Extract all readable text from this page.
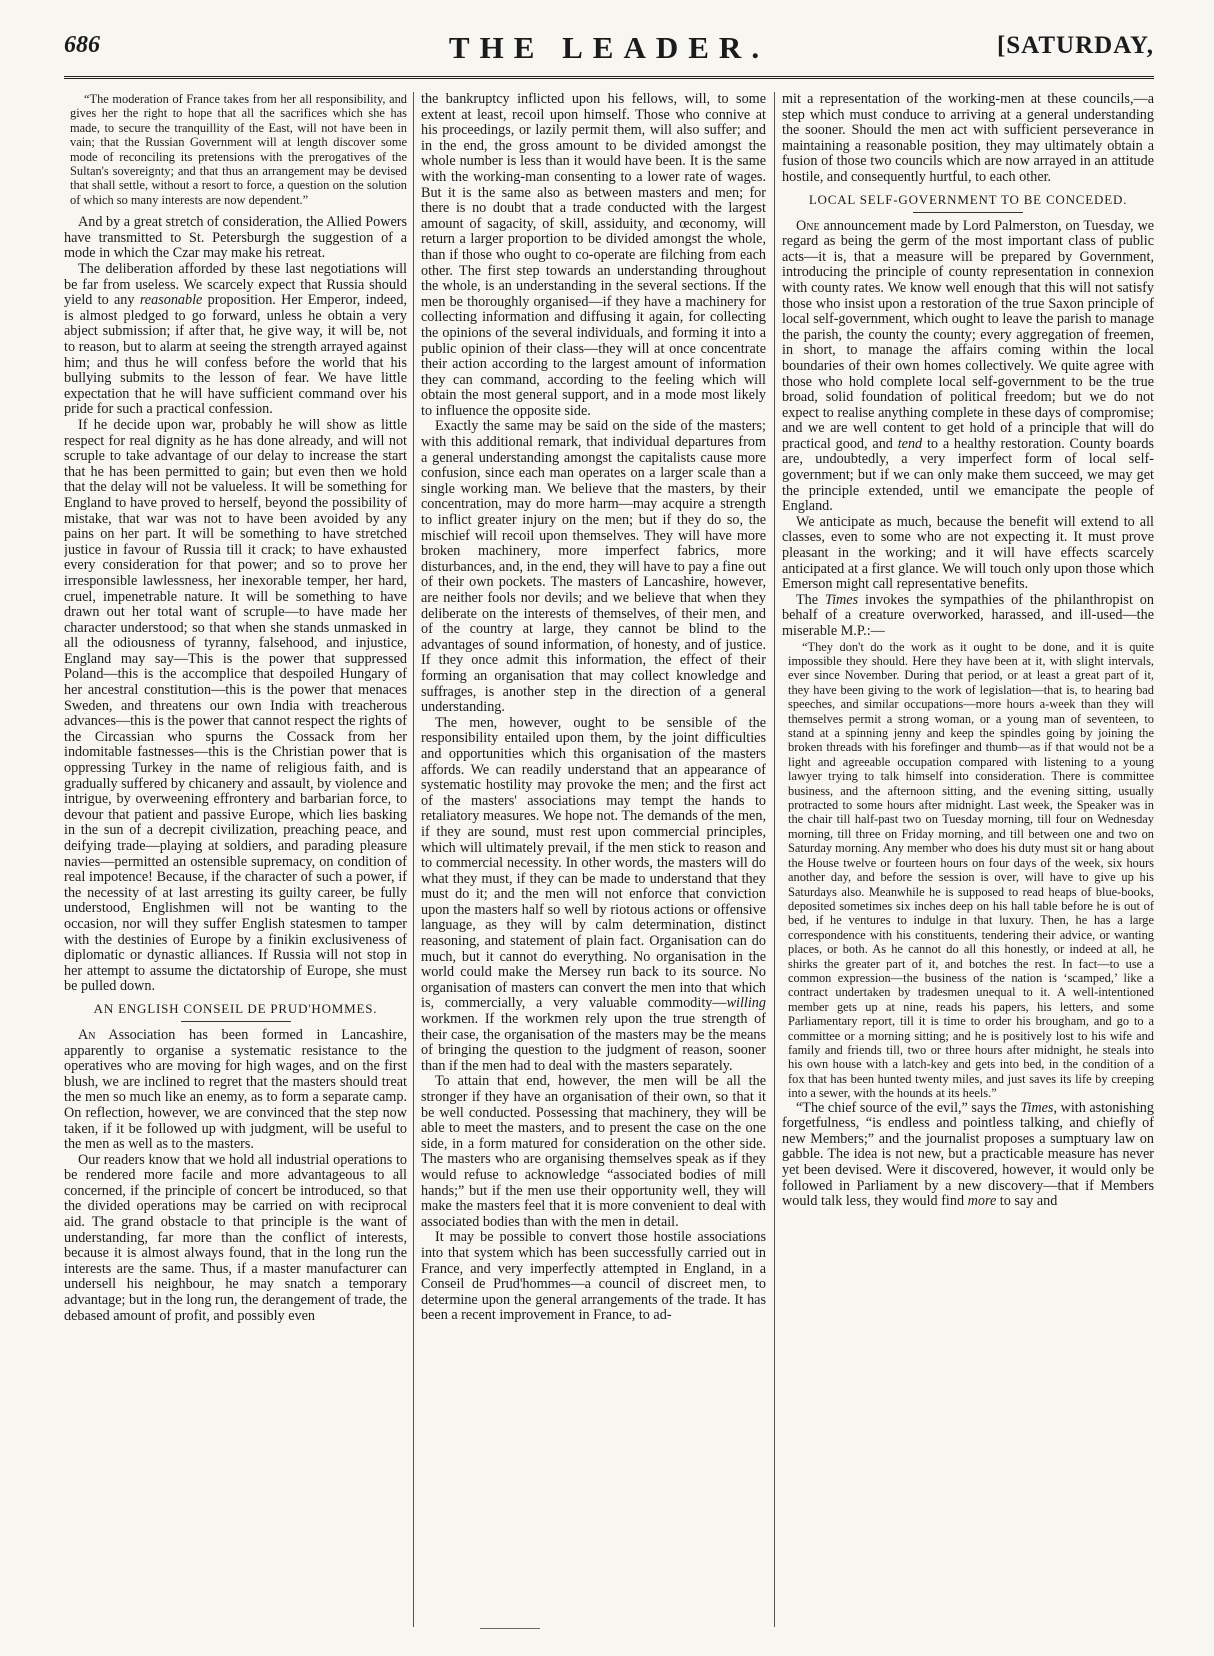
686	THE LEADER.	[SATURDAY,

“The moderation of France takes from her all responsibility, and gives her the right to hope that all the sacrifices which she has made, to secure the tranquillity of the East, will not have been in vain; that the Russian Government will at length discover some mode of reconciling its pretensions with the prerogatives of the Sultan's sovereignty; and that thus an arrangement may be devised that shall settle, without a resort to force, a question on the solution of which so many interests are now dependent.”

And by a great stretch of consideration, the Allied Powers have transmitted to St. Petersburgh the suggestion of a mode in which the Czar may make his retreat.

The deliberation afforded by these last negotiations will be far from useless. We scarcely expect that Russia should yield to any reasonable proposition. Her Emperor, indeed, is almost pledged to go forward, unless he obtain a very abject submission; if after that, he give way, it will be, not to reason, but to alarm at seeing the strength arrayed against him; and thus he will confess before the world that his bullying submits to the lesson of fear. We have little expectation that he will have sufficient command over his pride for such a practical confession.

If he decide upon war, probably he will show as little respect for real dignity as he has done already, and will not scruple to take advantage of our delay to increase the start that he has been permitted to gain; but even then we hold that the delay will not be valueless. It will be something for England to have proved to herself, beyond the possibility of mistake, that war was not to have been avoided by any pains on her part. It will be something to have stretched justice in favour of Russia till it crack; to have exhausted every consideration for that power; and so to prove her irresponsible lawlessness, her inexorable temper, her hard, cruel, impenetrable nature. It will be something to have drawn out her total want of scruple—to have made her character understood; so that when she stands unmasked in all the odiousness of tyranny, falsehood, and injustice, England may say—This is the power that suppressed Poland—this is the accomplice that despoiled Hungary of her ancestral constitution—this is the power that menaces Sweden, and threatens our own India with treacherous advances—this is the power that cannot respect the rights of the Circassian who spurns the Cossack from her indomitable fastnesses—this is the Christian power that is oppressing Turkey in the name of religious faith, and is gradually suffered by chicanery and assault, by violence and intrigue, by overweening effrontery and barbarian force, to devour that patient and passive Europe, which lies basking in the sun of a decrepit civilization, preaching peace, and deifying trade—playing at soldiers, and parading pleasure navies—permitted an ostensible supremacy, on condition of real impotence! Because, if the character of such a power, if the necessity of at last arresting its guilty career, be fully understood, Englishmen will not be wanting to the occasion, nor will they suffer English statesmen to tamper with the destinies of Europe by a finikin exclusiveness of diplomatic or dynastic alliances. If Russia will not stop in her attempt to assume the dictatorship of Europe, she must be pulled down.

AN ENGLISH CONSEIL DE PRUD'HOMMES.

An Association has been formed in Lancashire, apparently to organise a systematic resistance to the operatives who are moving for high wages, and on the first blush, we are inclined to regret that the masters should treat the men so much like an enemy, as to form a separate camp. On reflection, however, we are convinced that the step now taken, if it be followed up with judgment, will be useful to the men as well as to the masters.

Our readers know that we hold all industrial operations to be rendered more facile and more advantageous to all concerned, if the principle of concert be introduced, so that the divided operations may be carried on with reciprocal aid. The grand obstacle to that principle is the want of understanding, far more than the conflict of interests, because it is almost always found, that in the long run the interests are the same. Thus, if a master manufacturer can undersell his neighbour, he may snatch a temporary advantage; but in the long run, the derangement of trade, the debased amount of profit, and possibly even

the bankruptcy inflicted upon his fellows, will, to some extent at least, recoil upon himself. Those who connive at his proceedings, or lazily permit them, will also suffer; and in the end, the gross amount to be divided amongst the whole number is less than it would have been. It is the same with the working-man consenting to a lower rate of wages. But it is the same also as between masters and men; for there is no doubt that a trade conducted with the largest amount of sagacity, of skill, assiduity, and œconomy, will return a larger proportion to be divided amongst the whole, than if those who ought to co-operate are filching from each other. The first step towards an understanding throughout the whole, is an understanding in the several sections. If the men be thoroughly organised—if they have a machinery for collecting information and diffusing it again, for collecting the opinions of the several individuals, and forming it into a public opinion of their class—they will at once concentrate their action according to the largest amount of information they can command, according to the feeling which will obtain the most general support, and in a mode most likely to influence the opposite side.

Exactly the same may be said on the side of the masters; with this additional remark, that individual departures from a general understanding amongst the capitalists cause more confusion, since each man operates on a larger scale than a single working man. We believe that the masters, by their concentration, may do more harm—may acquire a strength to inflict greater injury on the men; but if they do so, the mischief will recoil upon themselves. They will have more broken machinery, more imperfect fabrics, more disturbances, and, in the end, they will have to pay a fine out of their own pockets. The masters of Lancashire, however, are neither fools nor devils; and we believe that when they deliberate on the interests of themselves, of their men, and of the country at large, they cannot be blind to the advantages of sound information, of honesty, and of justice. If they once admit this information, the effect of their forming an organisation that may collect knowledge and suffrages, is another step in the direction of a general understanding.

The men, however, ought to be sensible of the responsibility entailed upon them, by the joint difficulties and opportunities which this organisation of the masters affords. We can readily understand that an appearance of systematic hostility may provoke the men; and the first act of the masters' associations may tempt the hands to retaliatory measures. We hope not. The demands of the men, if they are sound, must rest upon commercial principles, which will ultimately prevail, if the men stick to reason and to commercial necessity. In other words, the masters will do what they must, if they can be made to understand that they must do it; and the men will not enforce that conviction upon the masters half so well by riotous actions or offensive language, as they will by calm determination, distinct reasoning, and statement of plain fact. Organisation can do much, but it cannot do everything. No organisation in the world could make the Mersey run back to its source. No organisation of masters can convert the men into that which is, commercially, a very valuable commodity—willing workmen. If the workmen rely upon the true strength of their case, the organisation of the masters may be the means of bringing the question to the judgment of reason, sooner than if the men had to deal with the masters separately.

To attain that end, however, the men will be all the stronger if they have an organisation of their own, so that it be well conducted. Possessing that machinery, they will be able to meet the masters, and to present the case on the one side, in a form matured for consideration on the other side. The masters who are organising themselves speak as if they would refuse to acknowledge “associated bodies of mill hands;” but if the men use their opportunity well, they will make the masters feel that it is more convenient to deal with associated bodies than with the men in detail.

It may be possible to convert those hostile associations into that system which has been successfully carried out in France, and very imperfectly attempted in England, in a Conseil de Prud'hommes—a council of discreet men, to determine upon the general arrangements of the trade. It has been a recent improvement in France, to ad-

mit a representation of the working-men at these councils,—a step which must conduce to arriving at a general understanding the sooner. Should the men act with sufficient perseverance in maintaining a reasonable position, they may ultimately obtain a fusion of those two councils which are now arrayed in an attitude hostile, and consequently hurtful, to each other.

LOCAL SELF-GOVERNMENT TO BE CONCEDED.

One announcement made by Lord Palmerston, on Tuesday, we regard as being the germ of the most important class of public acts—it is, that a measure will be prepared by Government, introducing the principle of county representation in connexion with county rates. We know well enough that this will not satisfy those who insist upon a restoration of the true Saxon principle of local self-government, which ought to leave the parish to manage the parish, the county the county; every aggregation of freemen, in short, to manage the affairs coming within the local boundaries of their own homes collectively. We quite agree with those who hold complete local self-government to be the true broad, solid foundation of political freedom; but we do not expect to realise anything complete in these days of compromise; and we are well content to get hold of a principle that will do practical good, and tend to a healthy restoration. County boards are, undoubtedly, a very imperfect form of local self-government; but if we can only make them succeed, we may get the principle extended, until we emancipate the people of England.

We anticipate as much, because the benefit will extend to all classes, even to some who are not expecting it. It must prove pleasant in the working; and it will have effects scarcely anticipated at a first glance. We will touch only upon those which Emerson might call representative benefits.

The Times invokes the sympathies of the philanthropist on behalf of a creature overworked, harassed, and ill-used—the miserable M.P.:—

“They don't do the work as it ought to be done, and it is quite impossible they should. Here they have been at it, with slight intervals, ever since November. During that period, or at least a great part of it, they have been giving to the work of legislation—that is, to hearing bad speeches, and similar occupations—more hours a-week than they will themselves permit a strong woman, or a young man of seventeen, to stand at a spinning jenny and keep the spindles going by joining the broken threads with his forefinger and thumb—as if that would not be a light and agreeable occupation compared with listening to a young lawyer trying to talk himself into consideration. There is committee business, and the afternoon sitting, and the evening sitting, usually protracted to some hours after midnight. Last week, the Speaker was in the chair till half-past two on Tuesday morning, till four on Wednesday morning, till three on Friday morning, and till between one and two on Saturday morning. Any member who does his duty must sit or hang about the House twelve or fourteen hours on four days of the week, six hours another day, and before the session is over, will have to give up his Saturdays also. Meanwhile he is supposed to read heaps of blue-books, deposited sometimes six inches deep on his hall table before he is out of bed, if he ventures to indulge in that luxury. Then, he has a large correspondence with his constituents, tendering their advice, or wanting places, or both. As he cannot do all this honestly, or indeed at all, he shirks the greater part of it, and botches the rest. In fact—to use a common expression—the business of the nation is ‘scamped,’ like a contract undertaken by tradesmen unequal to it. A well-intentioned member gets up at nine, reads his papers, his letters, and some Parliamentary report, till it is time to order his brougham, and go to a committee or a morning sitting; and he is positively lost to his wife and family and friends till, two or three hours after midnight, he steals into his own house with a latch-key and gets into bed, in the condition of a fox that has been hunted twenty miles, and just saves its life by creeping into a sewer, with the hounds at its heels.”

“The chief source of the evil,” says the Times, with astonishing forgetfulness, “is endless and pointless talking, and chiefly of new Members;” and the journalist proposes a sumptuary law on gabble. The idea is not new, but a practicable measure has never yet been devised. Were it discovered, however, it would only be followed in Parliament by a new discovery—that if Members would talk less, they would find more to say and
